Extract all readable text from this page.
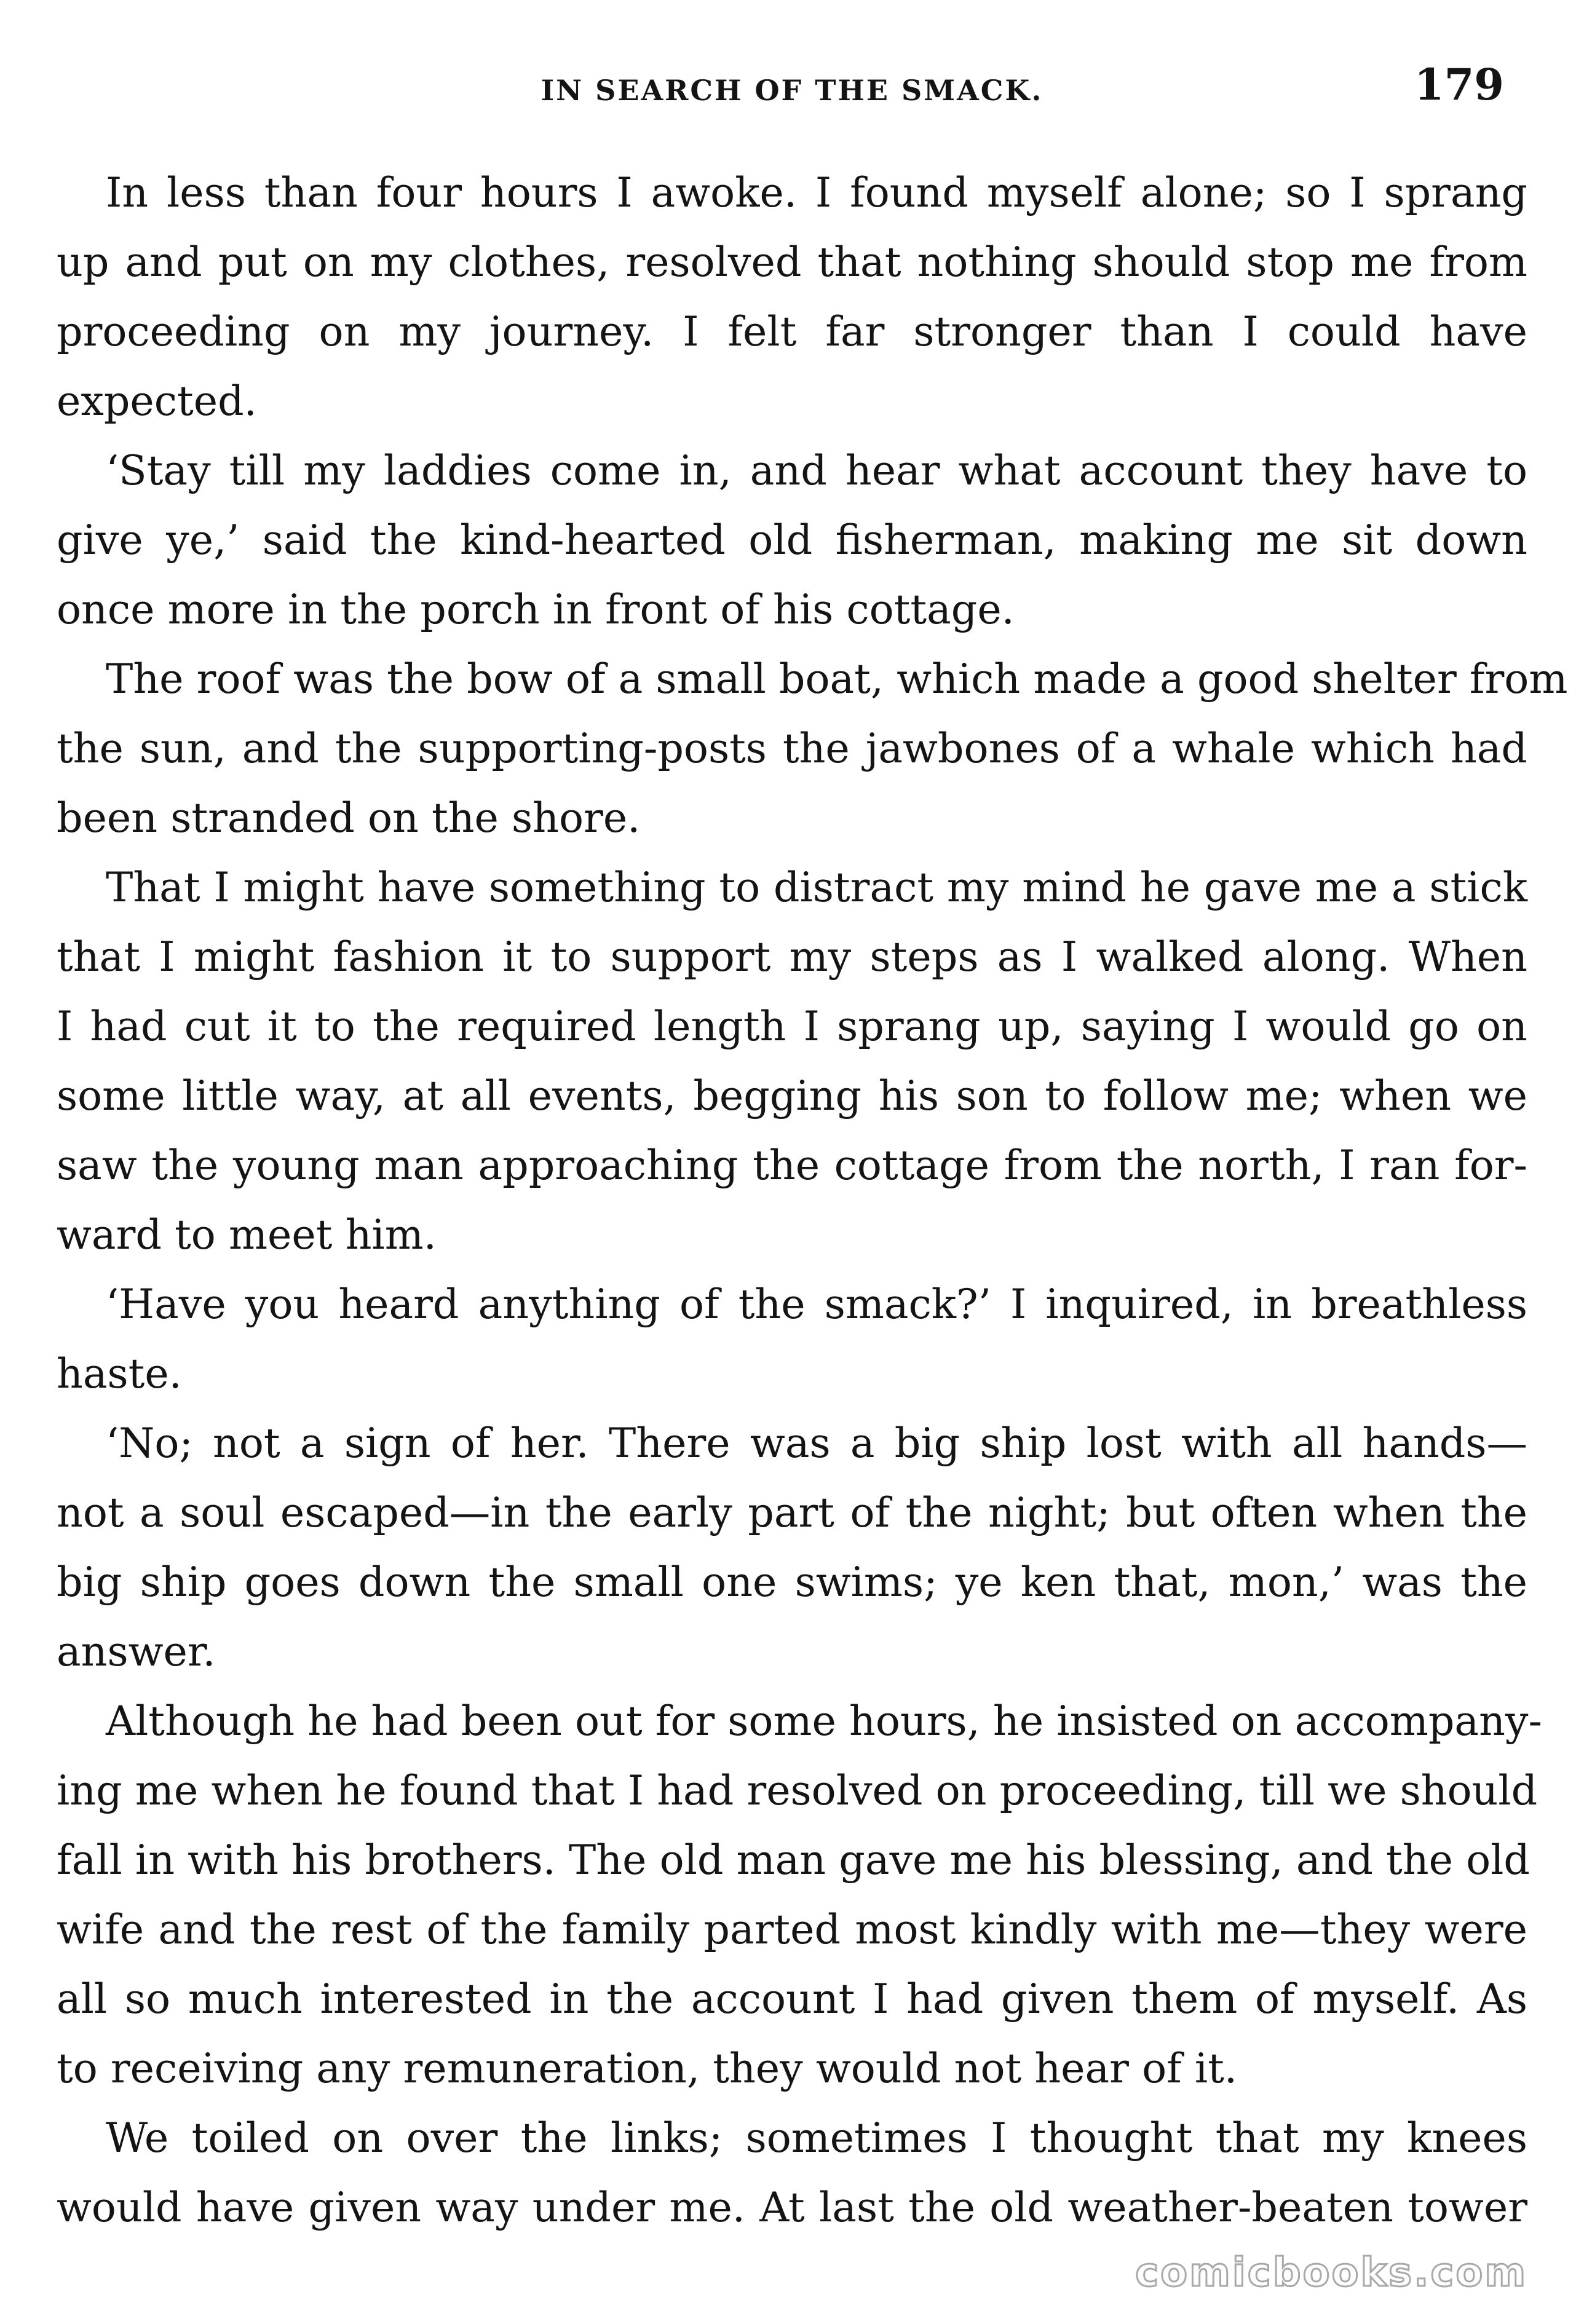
IN SEARCH OF THE SMACK.	179
In less than four hours I awoke. I found myself alone; so I sprang
up and put on my clothes, resolved that nothing should stop me from
proceeding on my journey. I felt far stronger than I could have
expected.
‘Stay till my laddies come in, and hear what account they have to
give ye,’ said the kind-hearted old fisherman, making me sit down
once more in the porch in front of his cottage.
The roof was the bow of a small boat, which made a good shelter from
the sun, and the supporting-posts the jawbones of a whale which had
been stranded on the shore.
That I might have something to distract my mind he gave me a stick
that I might fashion it to support my steps as I walked along. When
I had cut it to the required length I sprang up, saying I would go on
some little way, at all events, begging his son to follow me; when we
saw the young man approaching the cottage from the north, I ran for-
ward to meet him.
‘Have you heard anything of the smack?’ I inquired, in breathless
haste.
‘No; not a sign of her. There was a big ship lost with all hands—
not a soul escaped—in the early part of the night; but often when the
big ship goes down the small one swims; ye ken that, mon,’ was the
answer.
Although he had been out for some hours, he insisted on accompany-
ing me when he found that I had resolved on proceeding, till we should
fall in with his brothers. The old man gave me his blessing, and the old
wife and the rest of the family parted most kindly with me—they were
all so much interested in the account I had given them of myself. As
to receiving any remuneration, they would not hear of it.
We toiled on over the links; sometimes I thought that my knees
would have given way under me. At last the old weather-beaten tower
comicbooks.com
